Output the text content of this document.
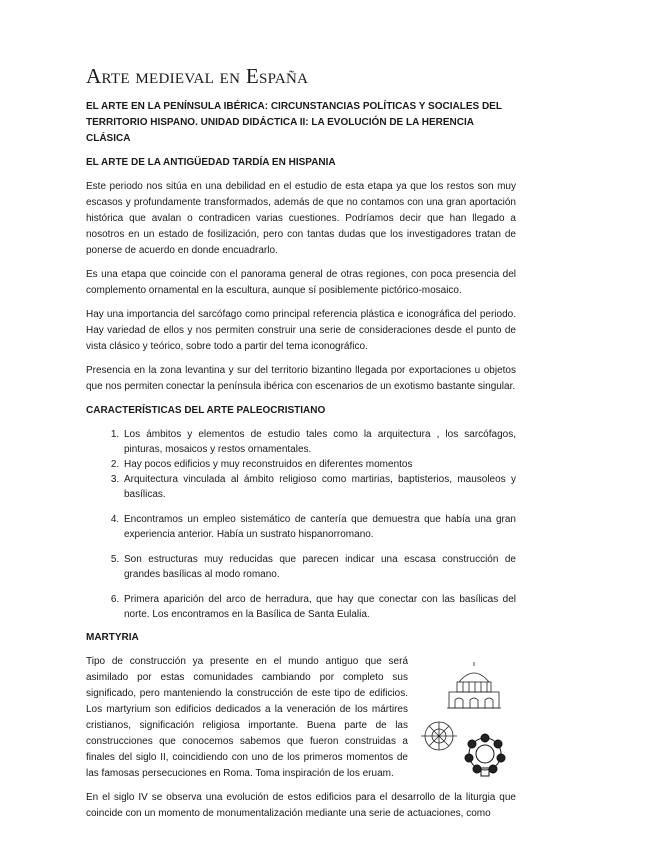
Arte medieval en España
EL ARTE EN LA PENÍNSULA IBÉRICA: CIRCUNSTANCIAS POLÍTICAS Y SOCIALES DEL TERRITORIO HISPANO. UNIDAD DIDÁCTICA II: LA EVOLUCIÓN DE LA HERENCIA CLÁSICA
EL ARTE DE LA ANTIGÜEDAD TARDÍA EN HISPANIA

Este periodo nos sitúa en una debilidad en el estudio de esta etapa ya que los restos son muy escasos y profundamente transformados, además de que no contamos con una gran aportación histórica que avalan o contradicen varias cuestiones. Podríamos decir que han llegado a nosotros en un estado de fosilización, pero con tantas dudas que los investigadores tratan de ponerse de acuerdo en donde encuadrarlo.

Es una etapa que coincide con el panorama general de otras regiones, con poca presencia del complemento ornamental en la escultura, aunque sí posiblemente pictórico-mosaico.

Hay una importancia del sarcófago como principal referencia plástica e iconográfica del periodo. Hay variedad de ellos y nos permiten construir una serie de consideraciones desde el punto de vista clásico y teórico, sobre todo a partir del tema iconográfico.

Presencia en la zona levantina y sur del territorio bizantino llegada por exportaciones u objetos que nos permiten conectar la península ibérica con escenarios de un exotismo bastante singular.

CARACTERÍSTICAS DEL ARTE PALEOCRISTIANO
1. Los ámbitos y elementos de estudio tales como la arquitectura , los sarcófagos, pinturas, mosaicos y restos ornamentales.
2. Hay pocos edificios y muy reconstruidos en diferentes momentos
3. Arquitectura vinculada al ámbito religioso como martirias, baptisterios, mausoleos y basílicas.
4. Encontramos un empleo sistemático de cantería que demuestra que había una gran experiencia anterior. Había un sustrato hispanorromano.
5. Son estructuras muy reducidas que parecen indicar una escasa construcción de grandes basílicas al modo romano.
6. Primera aparición del arco de herradura, que hay que conectar con las basílicas del norte. Los encontramos en la Basílica de Santa Eulalia.
MARTYRIA

Tipo de construcción ya presente en el mundo antiguo que será asimilado por estas comunidades cambiando por completo sus significado, pero manteniendo la construcción de este tipo de edificios. Los martyrium son edificios dedicados a la veneración de los mártires cristianos, significación religiosa importante. Buena parte de las construcciones que conocemos sabemos que fueron construidas a finales del siglo II, coincidiendo con uno de los primeros momentos de las famosas persecuciones en Roma. Toma inspiración de los eruam.

En el siglo IV se observa una evolución de estos edificios para el desarrollo de la liturgia que coincide con un momento de monumentalización mediante una serie de actuaciones, como
